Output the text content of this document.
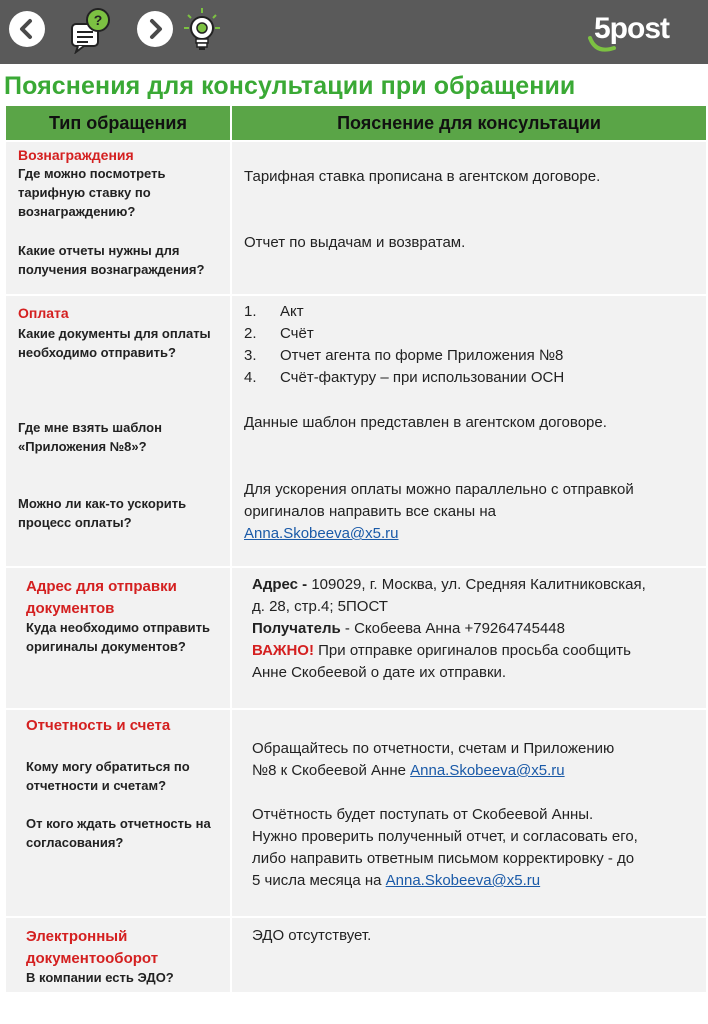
?	5post
Пояснения для консультации при обращении
Тип обращения	Пояснение для консультации
Вознаграждения
Где можно посмотреть тарифную ставку по вознаграждению?
Какие отчеты нужны для получения вознаграждения?
Тарифная ставка прописана в агентском договоре.
Отчет по выдачам и возвратам.
Оплата
Какие документы для оплаты необходимо отправить?
Где мне взять шаблон «Приложения №8»?
Можно ли как-то ускорить процесс оплаты?
1. Акт
2. Счёт
3. Отчет агента по форме Приложения №8
4. Счёт-фактуру – при использовании ОСН
Данные шаблон представлен в агентском договоре.
Для ускорения оплаты можно параллельно с отправкой
оригиналов направить все сканы на
Anna.Skobeeva@x5.ru
Адрес для отправки
документов
Куда необходимо отправить оригиналы документов?
Адрес - 109029, г. Москва, ул. Средняя Калитниковская,
д. 28, стр.4; 5ПОСТ
Получатель - Скобеева Анна +79264745448
ВАЖНО! При отправке оригиналов просьба сообщить
Анне Скобеевой о дате их отправки.
Отчетность и счета
Кому могу обратиться по отчетности и счетам?
От кого ждать отчетность на согласования?
Обращайтесь по отчетности, счетам и Приложению
№8 к Скобеевой Анне Anna.Skobeeva@x5.ru
Отчётность будет поступать от Скобеевой Анны.
Нужно проверить полученный отчет, и согласовать его,
либо направить ответным письмом корректировку - до
5 числа месяца на Anna.Skobeeva@x5.ru
Электронный
документооборот
В компании есть ЭДО?
ЭДО отсутствует.
